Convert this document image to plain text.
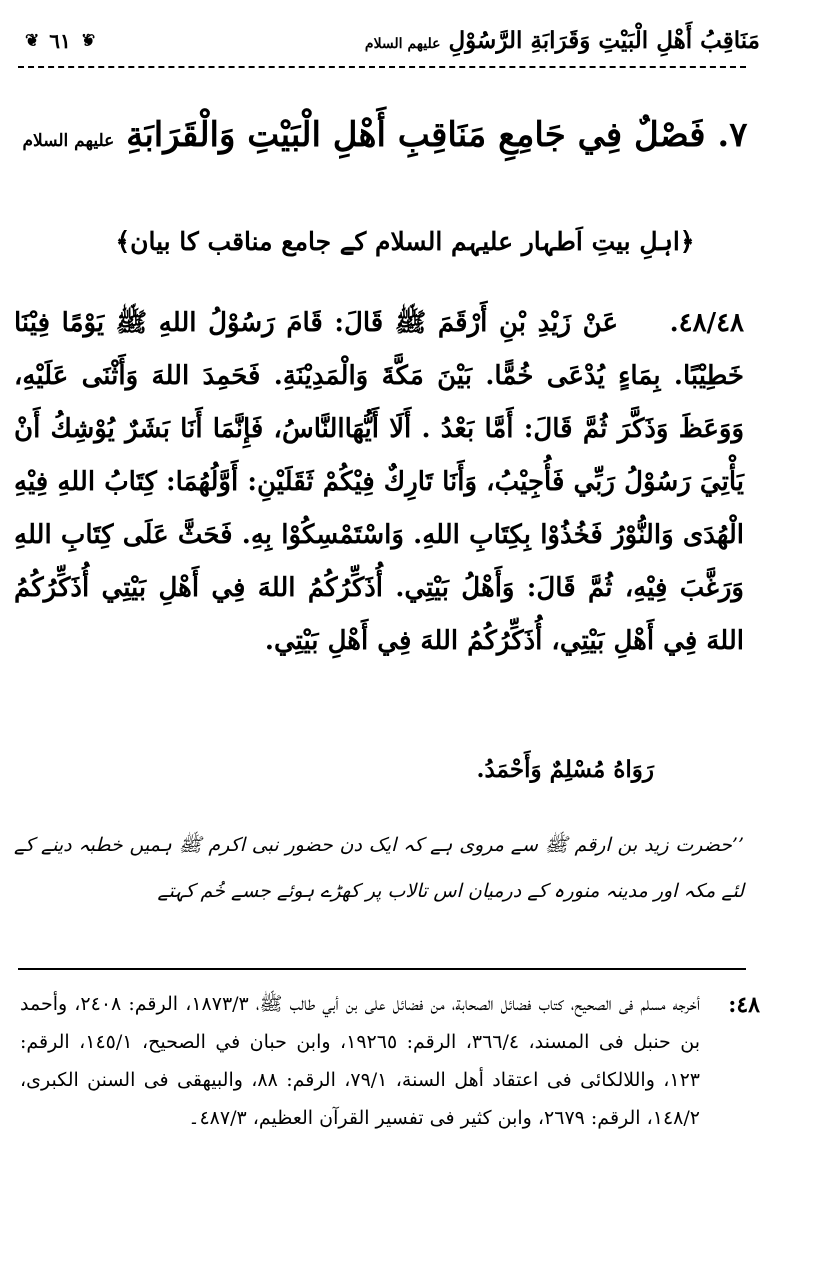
❦ ٦١ ❦	مَنَاقِبُ أَهْلِ الْبَيْتِ وَقَرَابَةِ الرَّسُوْلِ عليهم السلام
٧. فَصْلٌ فِي جَامِعِ مَنَاقِبِ أَهْلِ الْبَيْتِ وَالْقَرَابَةِ عليهم السلام
﴿اہلِ بیتِ اَطہار علیہم السلام کے جامع مناقب کا بیان﴾
٤٨/٤٨. عَنْ زَيْدِ بْنِ أَرْقَمَ ﷺ قَالَ: قَامَ رَسُوْلُ اللهِ ﷺ يَوْمًا فِيْنَا خَطِيْبًا. بِمَاءٍ يُدْعَى خُمًّا. بَيْنَ مَكَّةَ وَالْمَدِيْنَةِ. فَحَمِدَ اللهَ وَأَثْنَى عَلَيْهِ، وَوَعَظَ وَذَكَّرَ ثُمَّ قَالَ: أَمَّا بَعْدُ . أَلَا أَيُّهَاالنَّاسُ، فَإِنَّمَا أَنَا بَشَرٌ يُوْشِكُ أَنْ يَأْتِيَ رَسُوْلُ رَبِّي فَأُجِيْبُ، وَأَنَا تَارِكٌ فِيْكُمْ ثَقَلَيْنِ: أَوَّلُهُمَا: كِتَابُ اللهِ فِيْهِ الْهُدَى وَالنُّوْرُ فَخُذُوْا بِكِتَابِ اللهِ. وَاسْتَمْسِكُوْا بِهِ. فَحَثَّ عَلَى كِتَابِ اللهِ وَرَغَّبَ فِيْهِ، ثُمَّ قَالَ: وَأَهْلُ بَيْتِي. أُذَكِّرُكُمُ اللهَ فِي أَهْلِ بَيْتِي أُذَكِّرُكُمُ اللهَ فِي أَهْلِ بَيْتِي، أُذَكِّرُكُمُ اللهَ فِي أَهْلِ بَيْتِي.
رَوَاهُ مُسْلِمٌ وَأَحْمَدُ.
’’حضرت زید بن ارقم ﷺ سے مروی ہے کہ ایک دن حضور نبی اکرم ﷺ ہمیں خطبہ دینے کے لئے مکہ اور مدینہ منورہ کے درمیان اس تالاب پر کھڑے ہوئے جسے خُم کہتے
٤٨:
أخرجه مسلم فى الصحيح، كتاب فضائل الصحابة، من فضائل على بن أبي طالب ﷺ، ١٨٧٣/٣، الرقم: ٢٤٠٨، وأحمد بن حنبل فى المسند، ٣٦٦/٤، الرقم: ١٩٢٦٥، وابن حبان في الصحيح، ١٤٥/١، الرقم: ١٢٣، واللالكائى فى اعتقاد أهل السنة، ٧٩/١، الرقم: ٨٨، والبيهقى فى السنن الكبرى، ١٤٨/٢، الرقم: ٢٦٧٩، وابن كثير فى تفسير القرآن العظيم، ٤٨٧/٣۔
